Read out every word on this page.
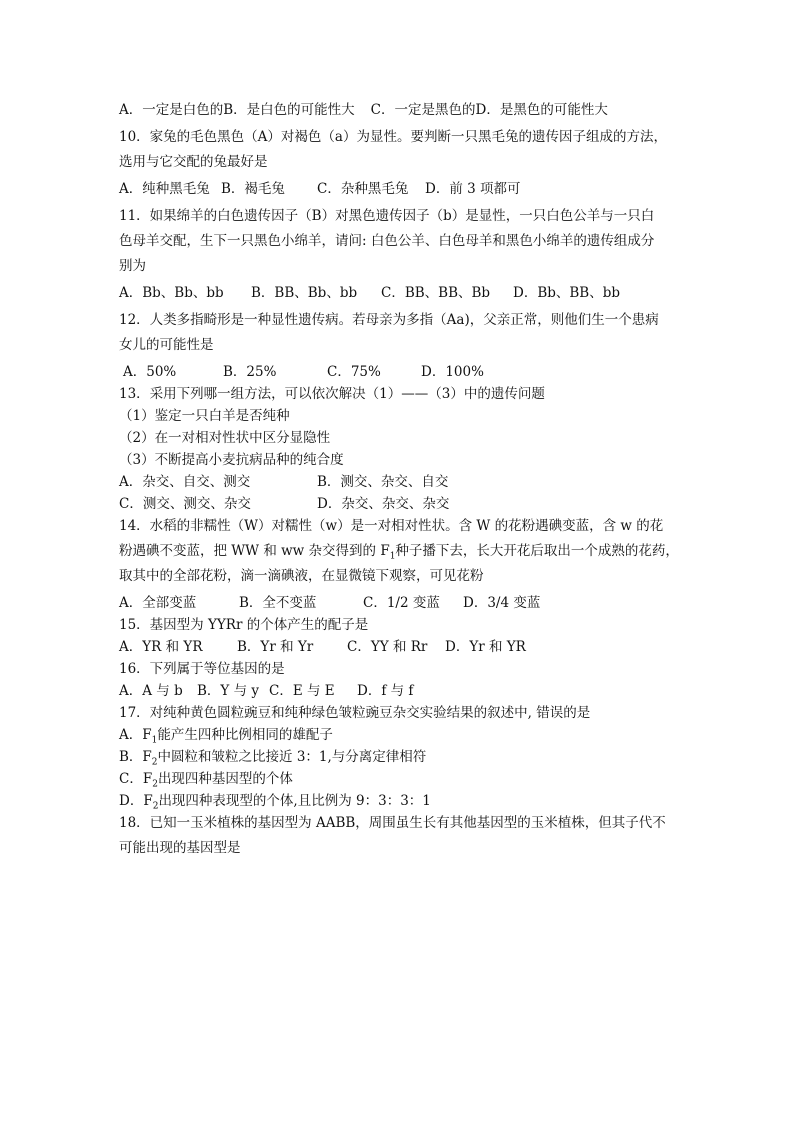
A．一定是白色的B．是白色的可能性大 C．一定是黑色的D．是黑色的可能性大
10．家兔的毛色黑色（A）对褐色（a）为显性。要判断一只黑毛兔的遗传因子组成的方法，
选用与它交配的兔最好是
A．纯种黑毛兔 B．褐毛兔 C．杂种黑毛兔 D．前 3 项都可
11．如果绵羊的白色遗传因子（B）对黑色遗传因子（b）是显性，一只白色公羊与一只白
色母羊交配，生下一只黑色小绵羊，请问: 白色公羊、白色母羊和黑色小绵羊的遗传组成分
别为
A．Bb、Bb、bb B．BB、Bb、bb C．BB、BB、Bb D．Bb、BB、bb
12．人类多指畸形是一种显性遗传病。若母亲为多指（Aa)，父亲正常，则他们生一个患病
女儿的可能性是
A．50%	B．25%	C．75%	D．100%
13．采用下列哪一组方法，可以依次解决（1）——（3）中的遗传问题
（1）鉴定一只白羊是否纯种
（2）在一对相对性状中区分显隐性
（3）不断提高小麦抗病品种的纯合度
A．杂交、自交、测交	B．测交、杂交、自交
C．测交、测交、杂交	D．杂交、杂交、杂交
14．水稻的非糯性（W）对糯性（w）是一对相对性状。含 W 的花粉遇碘变蓝，含 w 的花
粉遇碘不变蓝，把 WW 和 ww 杂交得到的 $F_1$种子播下去，长大开花后取出一个成熟的花药，
取其中的全部花粉，滴一滴碘液，在显微镜下观察，可见花粉
A．全部变蓝	B．全不变蓝	C．1/2 变蓝 D．3/4 变蓝
15．基因型为 YYRr 的个体产生的配子是
A．YR 和 YR	B．Yr 和 Yr	C．YY 和 Rr D．Yr 和 YR
16．下列属于等位基因的是
A．A 与 b B．Y 与 y C．E 与 E D．f 与 f
17．对纯种黄色圆粒豌豆和纯种绿色皱粒豌豆杂交实验结果的叙述中, 错误的是
A．$F_1$能产生四种比例相同的雄配子
B．$F_2$中圆粒和皱粒之比接近 3：1,与分离定律相符
C．$F_2$出现四种基因型的个体
D．$F_2$出现四种表现型的个体,且比例为 9：3：3：1
18．已知一玉米植株的基因型为 AABB，周围虽生长有其他基因型的玉米植株，但其子代不
可能出现的基因型是
